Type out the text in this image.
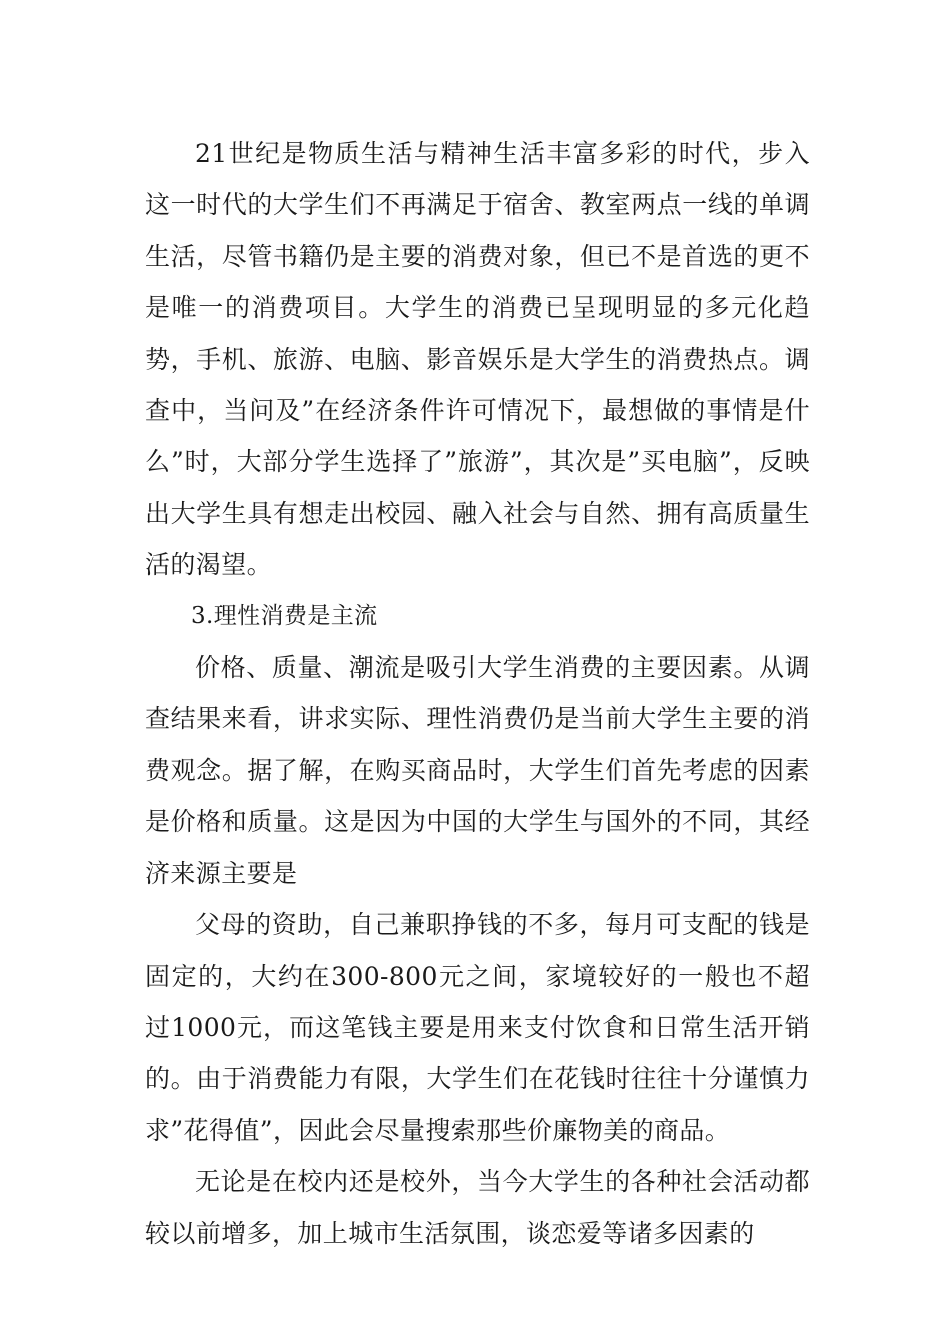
21世纪是物质生活与精神生活丰富多彩的时代，步入这一时代的大学生们不再满足于宿舍、教室两点一线的单调生活，尽管书籍仍是主要的消费对象，但已不是首选的更不是唯一的消费项目。大学生的消费已呈现明显的多元化趋势，手机、旅游、电脑、影音娱乐是大学生的消费热点。调查中，当问及”在经济条件许可情况下，最想做的事情是什么”时，大部分学生选择了”旅游”，其次是”买电脑”，反映出大学生具有想走出校园、融入社会与自然、拥有高质量生活的渴望。

3.理性消费是主流

价格、质量、潮流是吸引大学生消费的主要因素。从调查结果来看，讲求实际、理性消费仍是当前大学生主要的消费观念。据了解，在购买商品时，大学生们首先考虑的因素是价格和质量。这是因为中国的大学生与国外的不同，其经济来源主要是

父母的资助，自己兼职挣钱的不多，每月可支配的钱是固定的，大约在300-800元之间，家境较好的一般也不超过1000元，而这笔钱主要是用来支付饮食和日常生活开销的。由于消费能力有限，大学生们在花钱时往往十分谨慎力求”花得值”，因此会尽量搜索那些价廉物美的商品。

无论是在校内还是校外，当今大学生的各种社会活动都较以前增多，加上城市生活氛围，谈恋爱等诸多因素的
